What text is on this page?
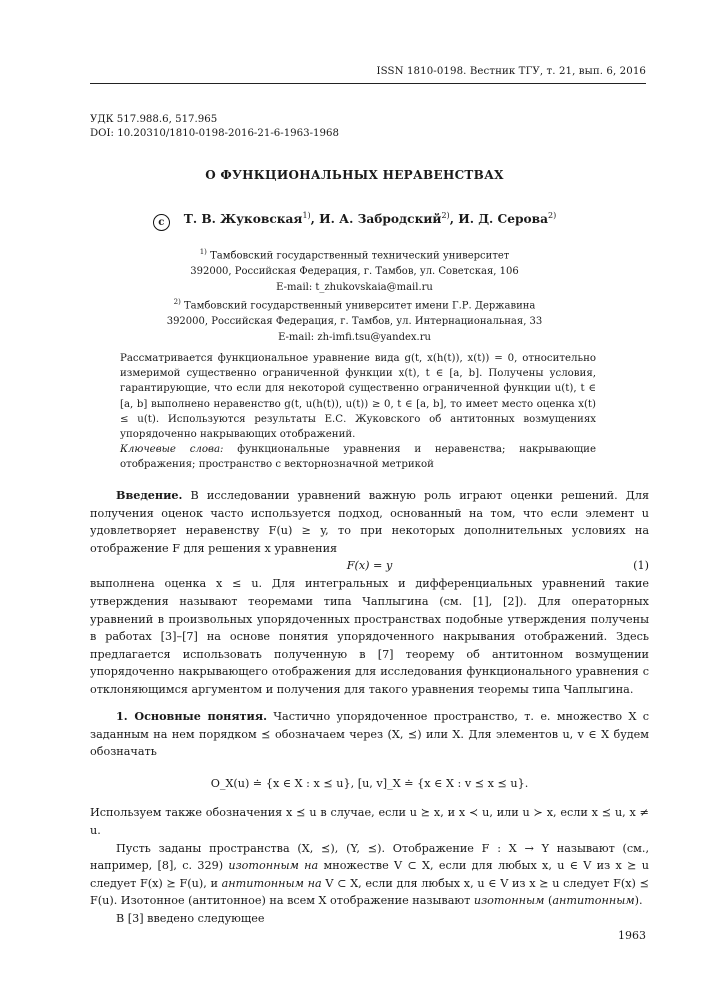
ISSN 1810-0198. Вестник ТГУ, т. 21, вып. 6, 2016
УДК 517.988.6, 517.965
DOI: 10.20310/1810-0198-2016-21-6-1963-1968
О ФУНКЦИОНАЛЬНЫХ НЕРАВЕНСТВАХ
c Т. В. Жуковская$^{1)}$, И. А. Забродский$^{2)}$, И. Д. Серова$^{2)}$
$^{1)}$ Тамбовский государственный технический университет
392000, Российская Федерация, г. Тамбов, ул. Советская, 106
E-mail: t_zhukovskaia@mail.ru
$^{2)}$ Тамбовский государственный университет имени Г.Р. Державина
392000, Российская Федерация, г. Тамбов, ул. Интернациональная, 33
E-mail: zh-imfi.tsu@yandex.ru

Рассматривается функциональное уравнение вида g(t, x(h(t)), x(t)) = 0, относительно измеримой существенно ограниченной функции x(t), t ∈ [a, b]. Получены условия, гарантирующие, что если для некоторой существенно ограниченной функции u(t), t ∈ [a, b] выполнено неравенство g(t, u(h(t)), u(t)) ≥ 0, t ∈ [a, b], то имеет место оценка x(t) ≤ u(t). Используются результаты Е.С. Жуковского об антитонных возмущениях упорядоченно накрывающих отображений.

Ключевые слова: функциональные уравнения и неравенства; накрывающие отображения; пространство с векторнозначной метрикой

Введение. В исследовании уравнений важную роль играют оценки решений. Для получения оценок часто используется подход, основанный на том, что если элемент u удовлетворяет неравенству F(u) ≥ y, то при некоторых дополнительных условиях на отображение F для решения x уравнения

F(x) = y	(1)

выполнена оценка x ≤ u. Для интегральных и дифференциальных уравнений такие утверждения называют теоремами типа Чаплыгина (см. [1], [2]). Для операторных уравнений в произвольных упорядоченных пространствах подобные утверждения получены в работах [3]–[7] на основе понятия упорядоченного накрывания отображений. Здесь предлагается использовать полученную в [7] теорему об антитонном возмущении упорядоченно накрывающего отображения для исследования функционального уравнения с отклоняющимся аргументом и получения для такого уравнения теоремы типа Чаплыгина.

1. Основные понятия. Частично упорядоченное пространство, т. е. множество X с заданным на нем порядком ⪯ обозначаем через (X, ⪯) или X. Для элементов u, v ∈ X будем обозначать

O_X(u) ≐ {x ∈ X : x ⪯ u}, [u, v]_X ≐ {x ∈ X : v ⪯ x ⪯ u}.

Используем также обозначения x ⪯ u в случае, если u ⪰ x, и x ≺ u, или u ≻ x, если x ⪯ u, x ≠ u.

Пусть заданы пространства (X, ⪯), (Y, ⪯). Отображение F : X → Y называют (см., например, [8], с. 329) изотонным на множестве V ⊂ X, если для любых x, u ∈ V из x ⪰ u следует F(x) ⪰ F(u), и антитонным на V ⊂ X, если для любых x, u ∈ V из x ⪰ u следует F(x) ⪯ F(u). Изотонное (антитонное) на всем X отображение называют изотонным (антитонным).

В [3] введено следующее

1963
